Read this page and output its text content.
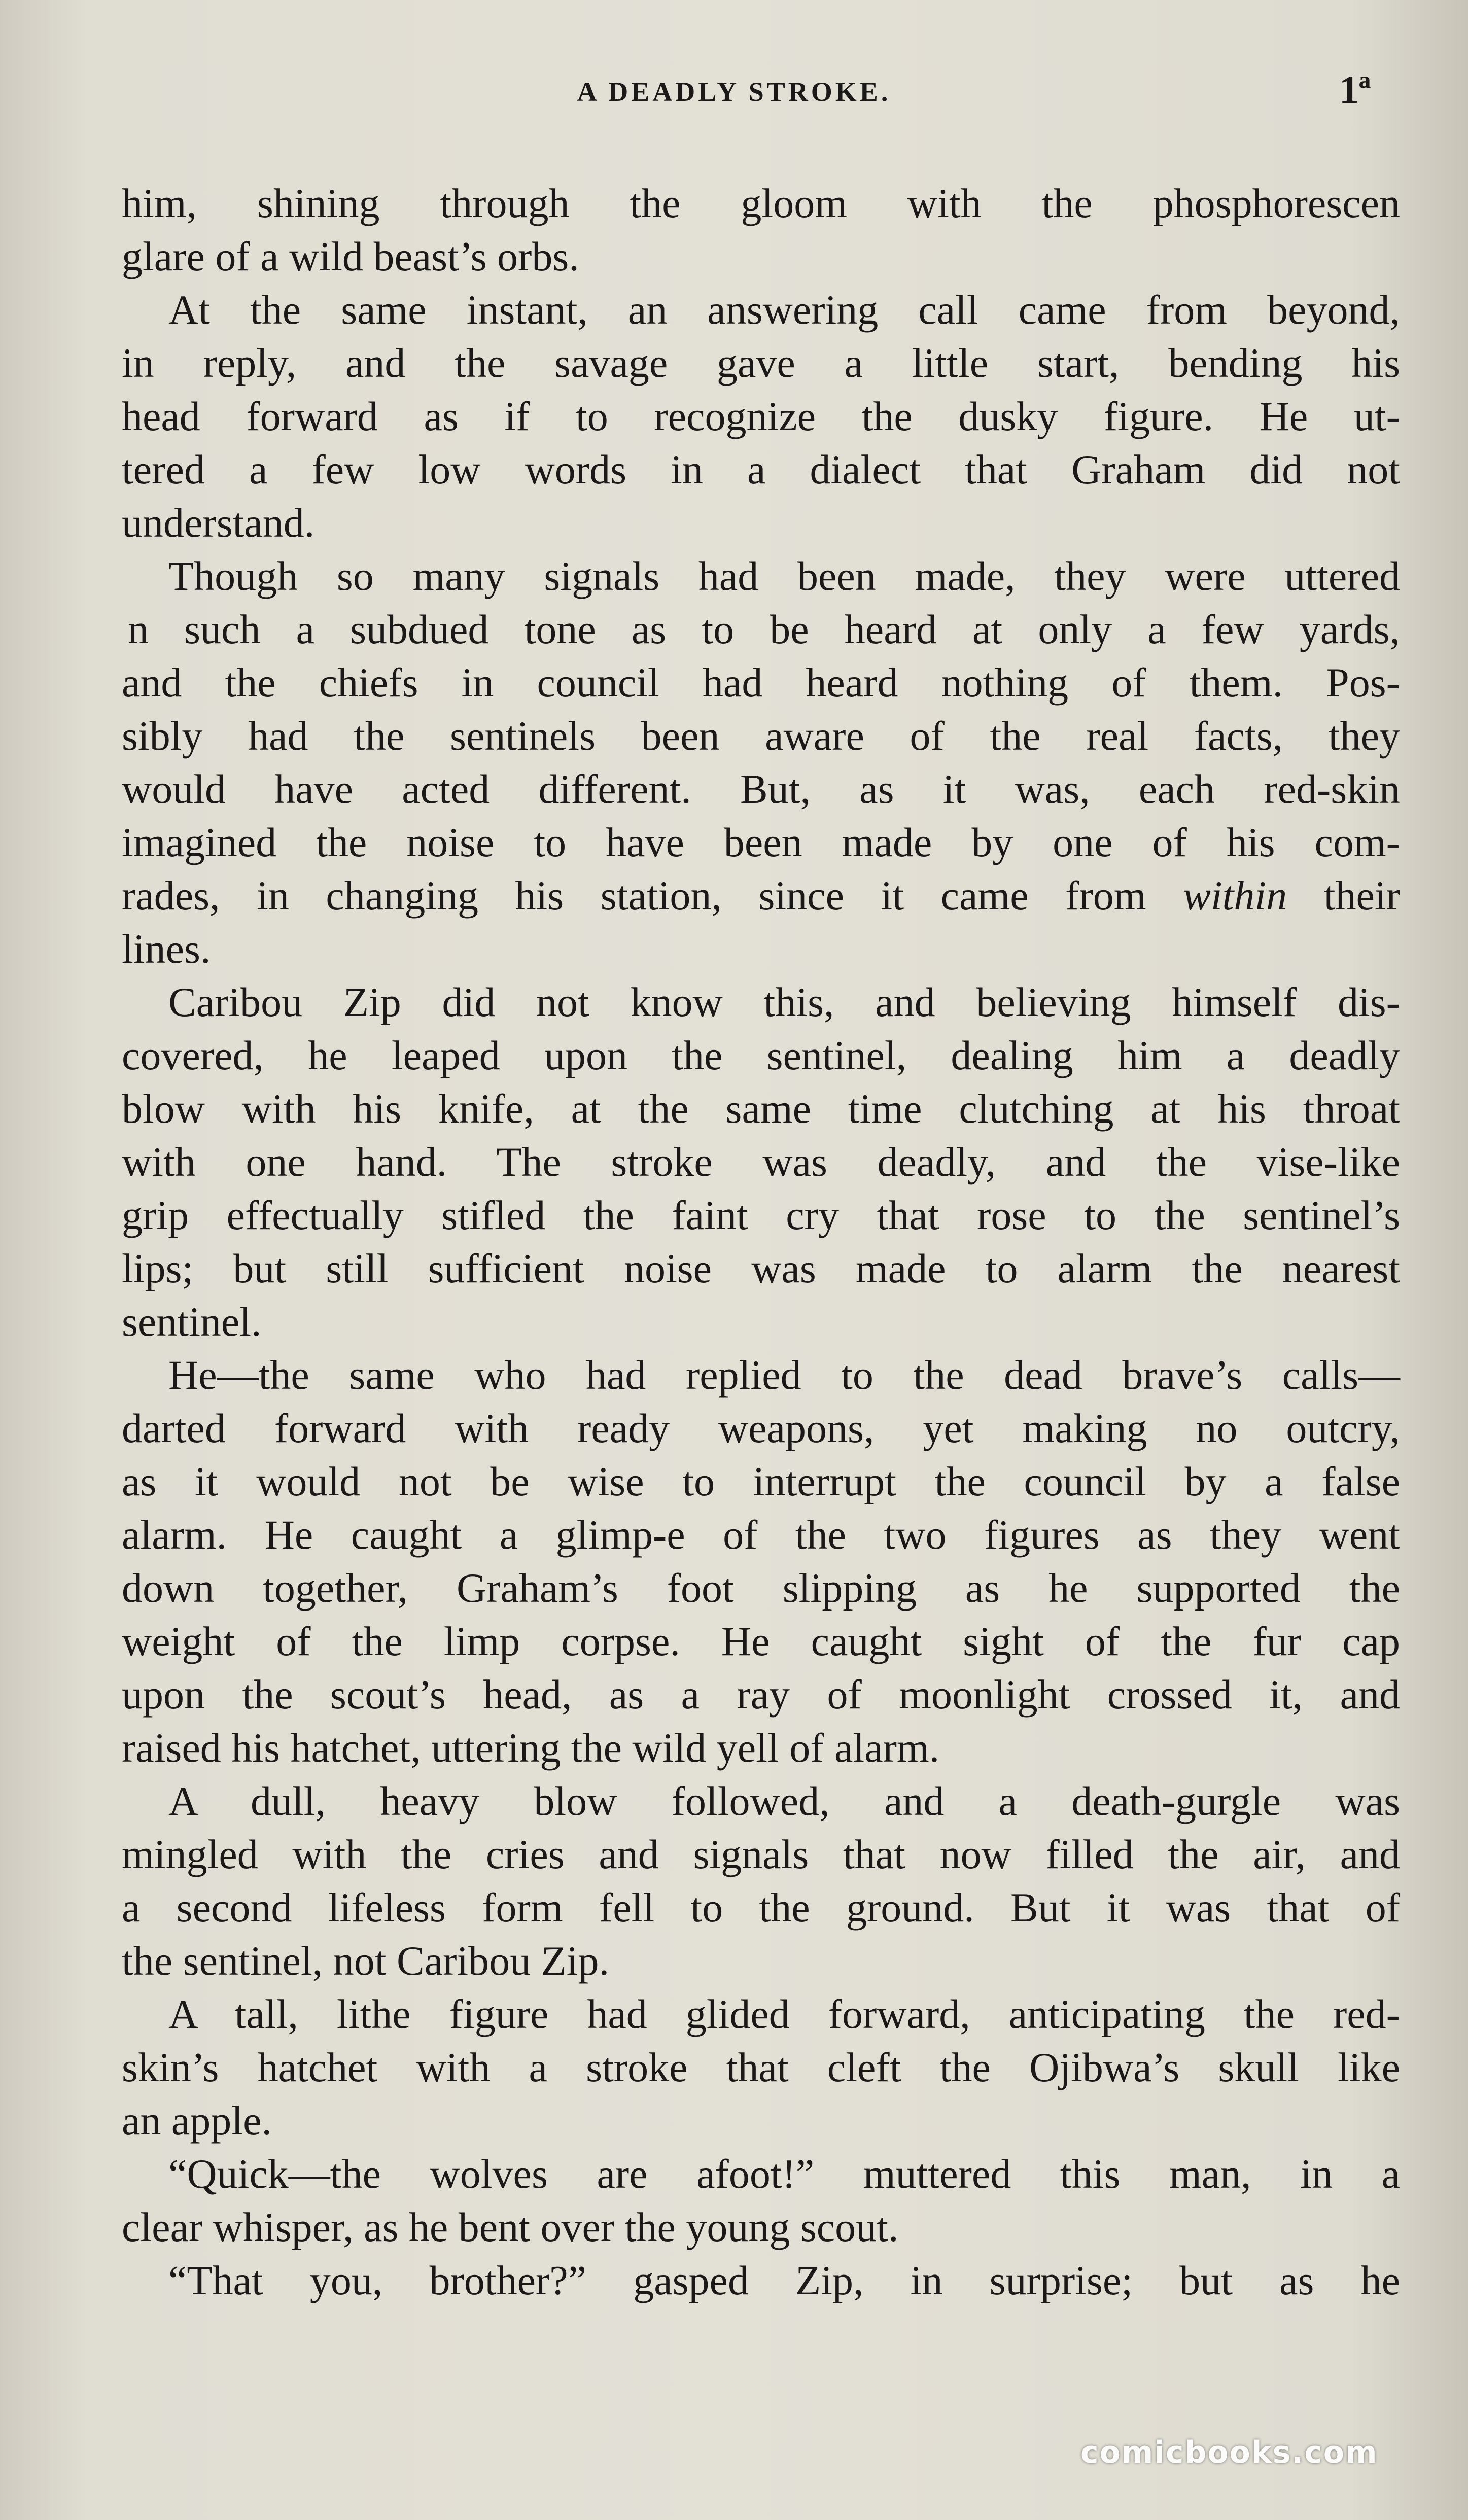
A DEADLY STROKE.	1ª
him, shining through the gloom with the phosphorescen
glare of a wild beast’s orbs.
At the same instant, an answering call came from beyond,
in reply, and the savage gave a little start, bending his
head forward as if to recognize the dusky figure. He ut-
tered a few low words in a dialect that Graham did not
understand.
Though so many signals had been made, they were uttered
n such a subdued tone as to be heard at only a few yards,
and the chiefs in council had heard nothing of them. Pos-
sibly had the sentinels been aware of the real facts, they
would have acted different. But, as it was, each red-skin
imagined the noise to have been made by one of his com-
rades, in changing his station, since it came from within their
lines.
Caribou Zip did not know this, and believing himself dis-
covered, he leaped upon the sentinel, dealing him a deadly
blow with his knife, at the same time clutching at his throat
with one hand. The stroke was deadly, and the vise-like
grip effectually stifled the faint cry that rose to the sentinel’s
lips; but still sufficient noise was made to alarm the nearest
sentinel.
He—the same who had replied to the dead brave’s calls—
darted forward with ready weapons, yet making no outcry,
as it would not be wise to interrupt the council by a false
alarm. He caught a glimp-e of the two figures as they went
down together, Graham’s foot slipping as he supported the
weight of the limp corpse. He caught sight of the fur cap
upon the scout’s head, as a ray of moonlight crossed it, and
raised his hatchet, uttering the wild yell of alarm.
A dull, heavy blow followed, and a death-gurgle was
mingled with the cries and signals that now filled the air, and
a second lifeless form fell to the ground. But it was that of
the sentinel, not Caribou Zip.
A tall, lithe figure had glided forward, anticipating the red-
skin’s hatchet with a stroke that cleft the Ojibwa’s skull like
an apple.
“Quick—the wolves are afoot!” muttered this man, in a
clear whisper, as he bent over the young scout.
“That you, brother?” gasped Zip, in surprise; but as he
comicbooks.com
